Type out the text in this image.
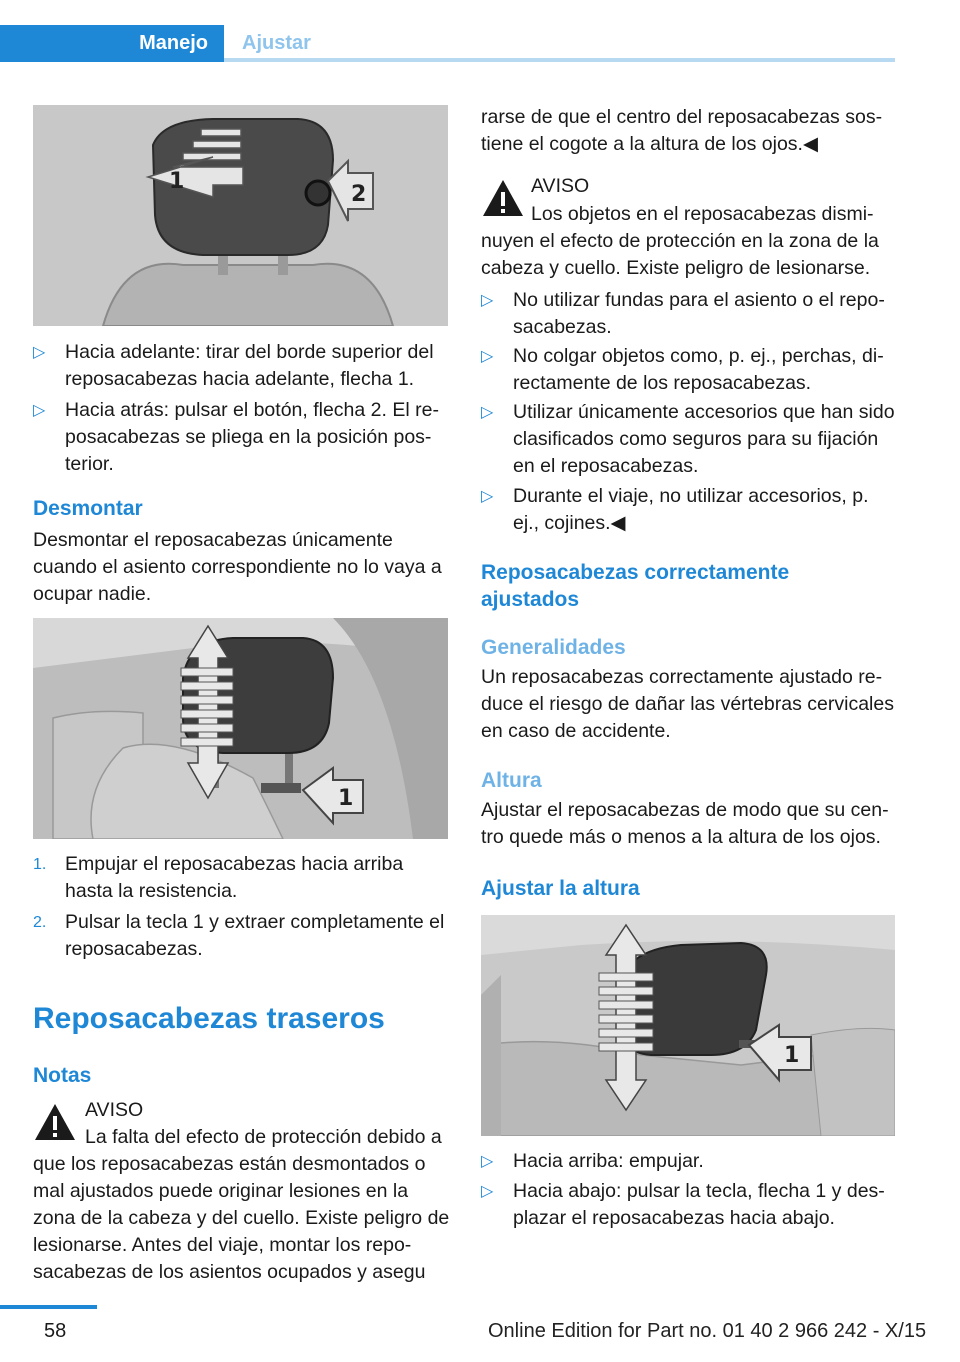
Manejo Ajustar
1
2
▷ Hacia adelante: tirar del borde superior del reposacabezas hacia adelante, flecha 1.
▷ Hacia atrás: pulsar el botón, flecha 2. El reposacabezas se pliega en la posición posterior.
Desmontar
Desmontar el reposacabezas únicamente cuando el asiento correspondiente no lo vaya a ocupar nadie.
1
1. Empujar el reposacabezas hacia arriba hasta la resistencia.
2. Pulsar la tecla 1 y extraer completamente el reposacabezas.
Reposacabezas traseros
Notas
AVISO
La falta del efecto de protección debido a que los reposacabezas están desmontados o mal ajustados puede originar lesiones en la zona de la cabeza y del cuello. Existe peligro de lesionarse. Antes del viaje, montar los reposacabezas de los asientos ocupados y asegu
rarse de que el centro del reposacabezas sostiene el cogote a la altura de los ojos.◀
AVISO
Los objetos en el reposacabezas disminuyen el efecto de protección en la zona de la cabeza y cuello. Existe peligro de lesionarse.
▷ No utilizar fundas para el asiento o el reposacabezas.
▷ No colgar objetos como, p. ej., perchas, directamente de los reposacabezas.
▷ Utilizar únicamente accesorios que han sido clasificados como seguros para su fijación en el reposacabezas.
▷ Durante el viaje, no utilizar accesorios, p. ej., cojines.◀
Reposacabezas correctamente ajustados
Generalidades
Un reposacabezas correctamente ajustado reduce el riesgo de dañar las vértebras cervicales en caso de accidente.
Altura
Ajustar el reposacabezas de modo que su centro quede más o menos a la altura de los ojos.
Ajustar la altura
1
▷ Hacia arriba: empujar.
▷ Hacia abajo: pulsar la tecla, flecha 1 y desplazar el reposacabezas hacia abajo.
58	Online Edition for Part no. 01 40 2 966 242 - X/15
